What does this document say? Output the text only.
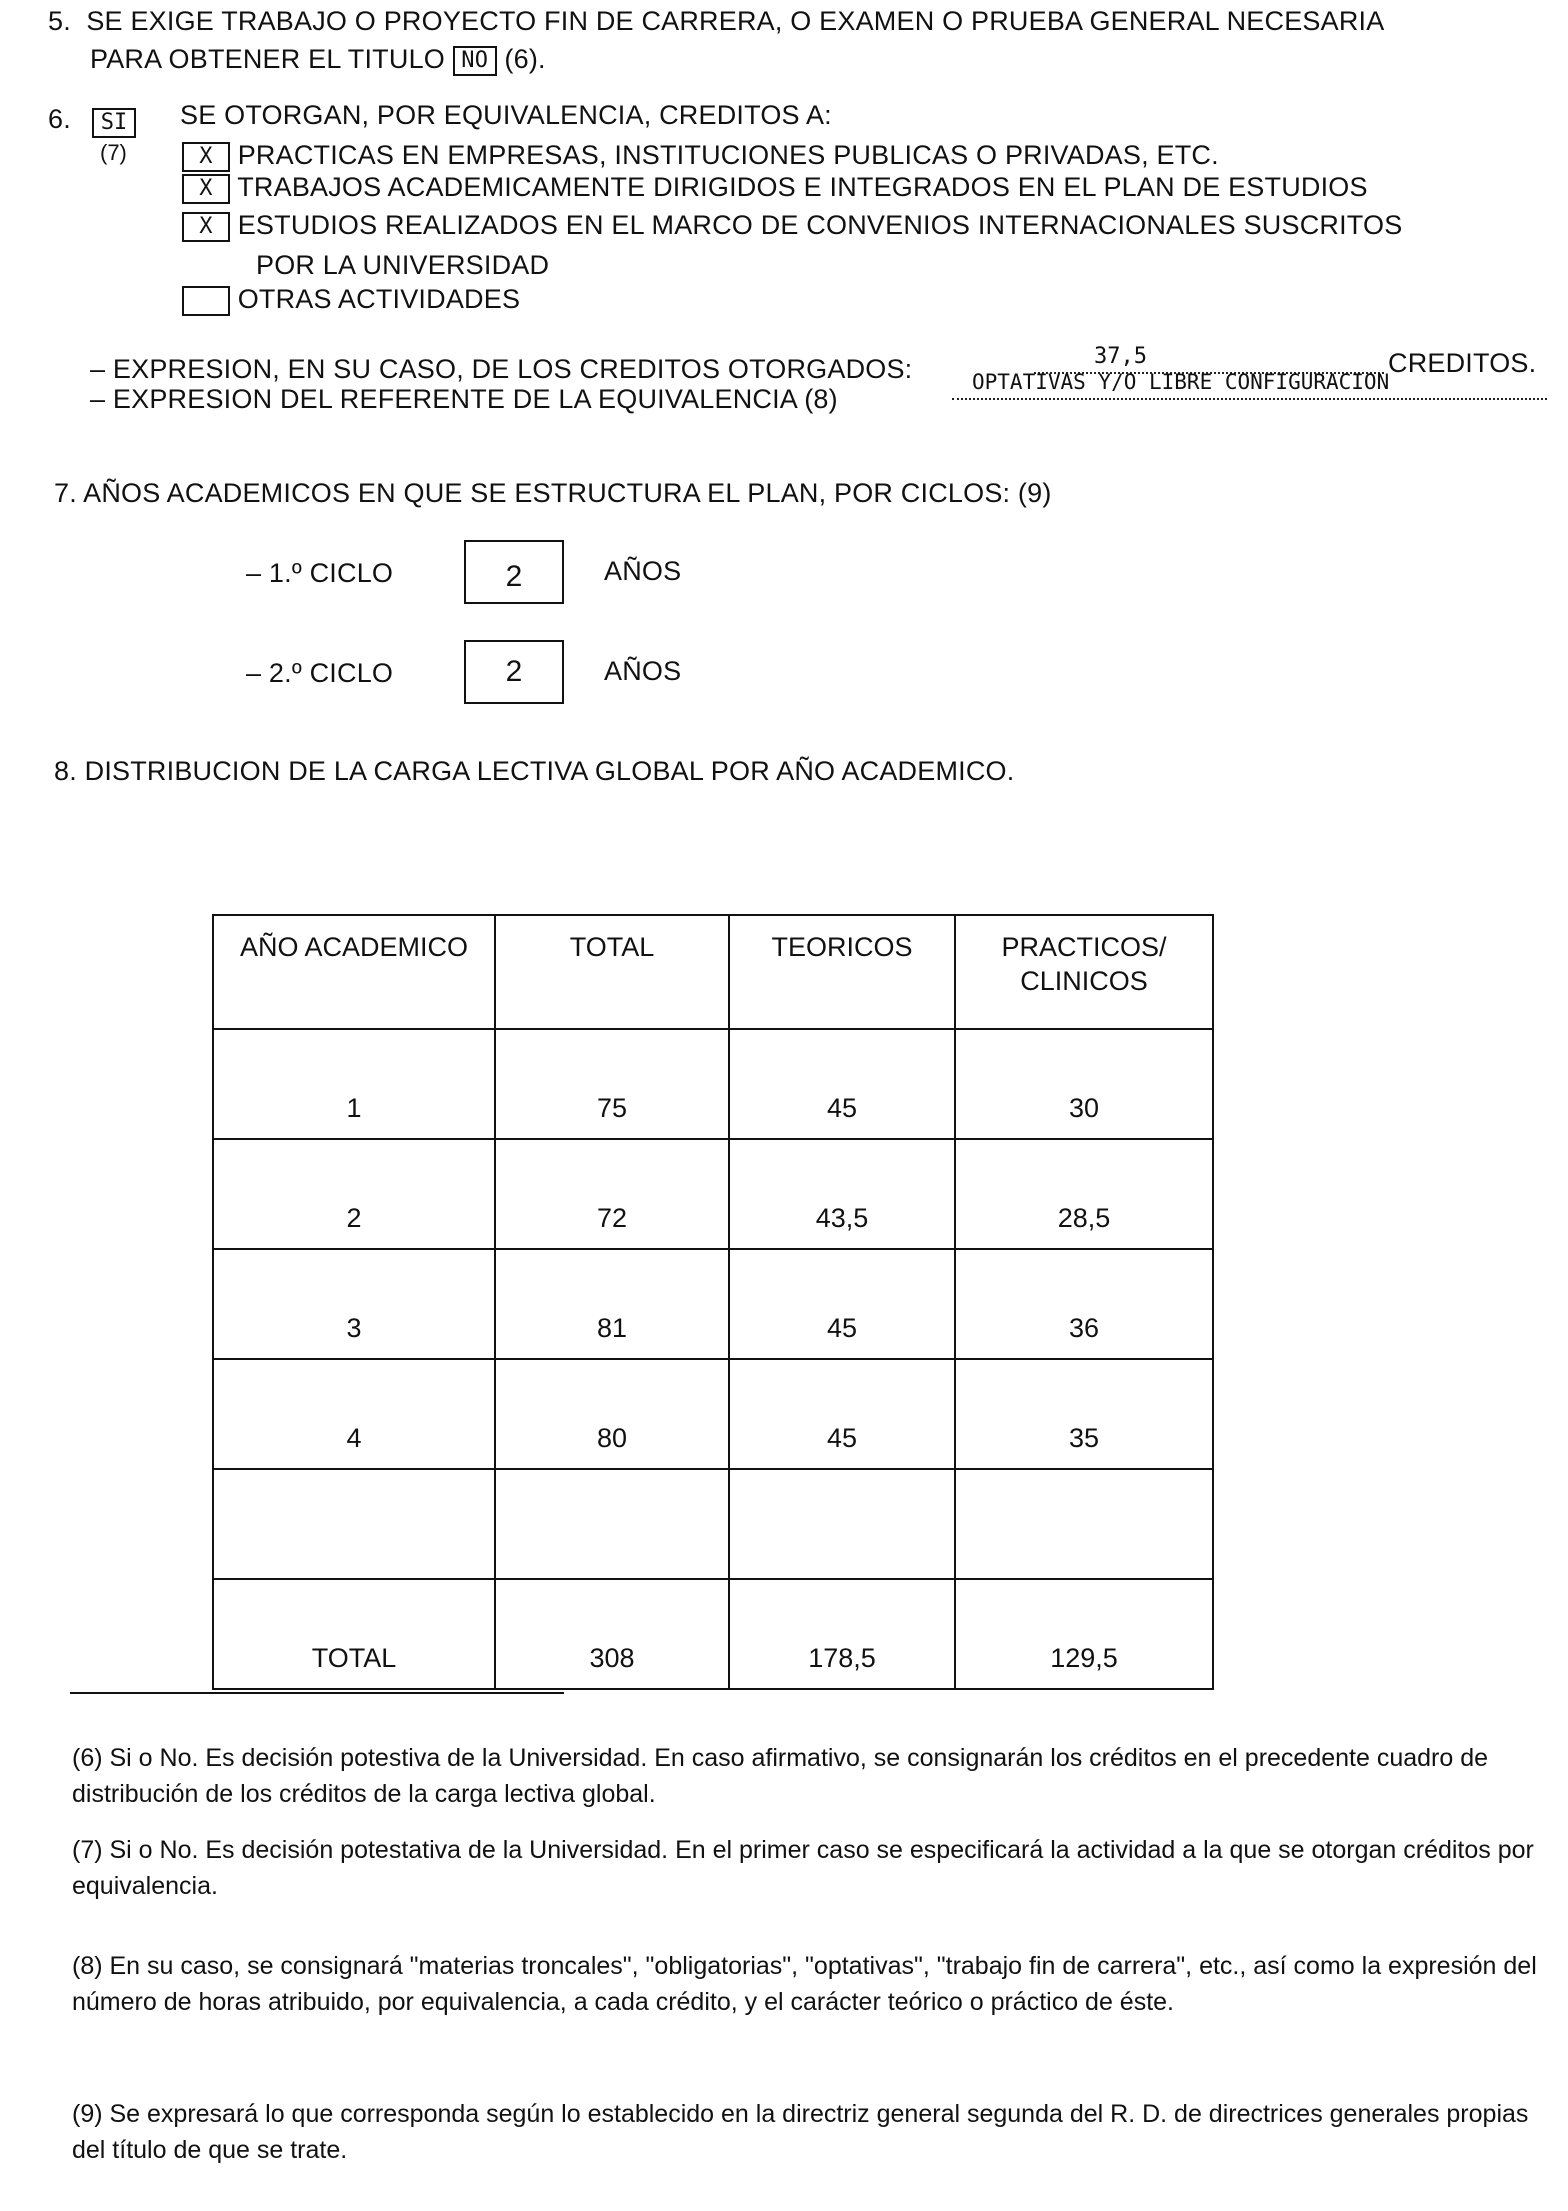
5. SE EXIGE TRABAJO O PROYECTO FIN DE CARRERA, O EXAMEN O PRUEBA GENERAL NECESARIA
PARA OBTENER EL TITULO NO (6).
6.	SI
(7)
SE OTORGAN, POR EQUIVALENCIA, CREDITOS A:
X PRACTICAS EN EMPRESAS, INSTITUCIONES PUBLICAS O PRIVADAS, ETC.
X TRABAJOS ACADEMICAMENTE DIRIGIDOS E INTEGRADOS EN EL PLAN DE ESTUDIOS
X ESTUDIOS REALIZADOS EN EL MARCO DE CONVENIOS INTERNACIONALES SUSCRITOS
POR LA UNIVERSIDAD
OTRAS ACTIVIDADES
– EXPRESION, EN SU CASO, DE LOS CREDITOS OTORGADOS:	37,5	CREDITOS.
– EXPRESION DEL REFERENTE DE LA EQUIVALENCIA (8)
OPTATIVAS Y/O LIBRE CONFIGURACION
7. AÑOS ACADEMICOS EN QUE SE ESTRUCTURA EL PLAN, POR CICLOS: (9)
– 1.º CICLO	2	AÑOS
– 2.º CICLO	2	AÑOS
8. DISTRIBUCION DE LA CARGA LECTIVA GLOBAL POR AÑO ACADEMICO.
AÑO ACADEMICO	TOTAL	TEORICOS	PRACTICOS/ CLINICOS
1	75	45	30
2	72	43,5	28,5
3	81	45	36
4	80	45	35

TOTAL	308	178,5	129,5
(6) Si o No. Es decisión potestiva de la Universidad. En caso afirmativo, se consignarán los créditos en el precedente cuadro de distribución de los créditos de la carga lectiva global.
(7) Si o No. Es decisión potestativa de la Universidad. En el primer caso se especificará la actividad a la que se otorgan créditos por equivalencia.
(8) En su caso, se consignará "materias troncales", "obligatorias", "optativas", "trabajo fin de carrera", etc., así como la expresión del número de horas atribuido, por equivalencia, a cada crédito, y el carácter teórico o práctico de éste.
(9) Se expresará lo que corresponda según lo establecido en la directriz general segunda del R. D. de directrices generales propias del título de que se trate.
